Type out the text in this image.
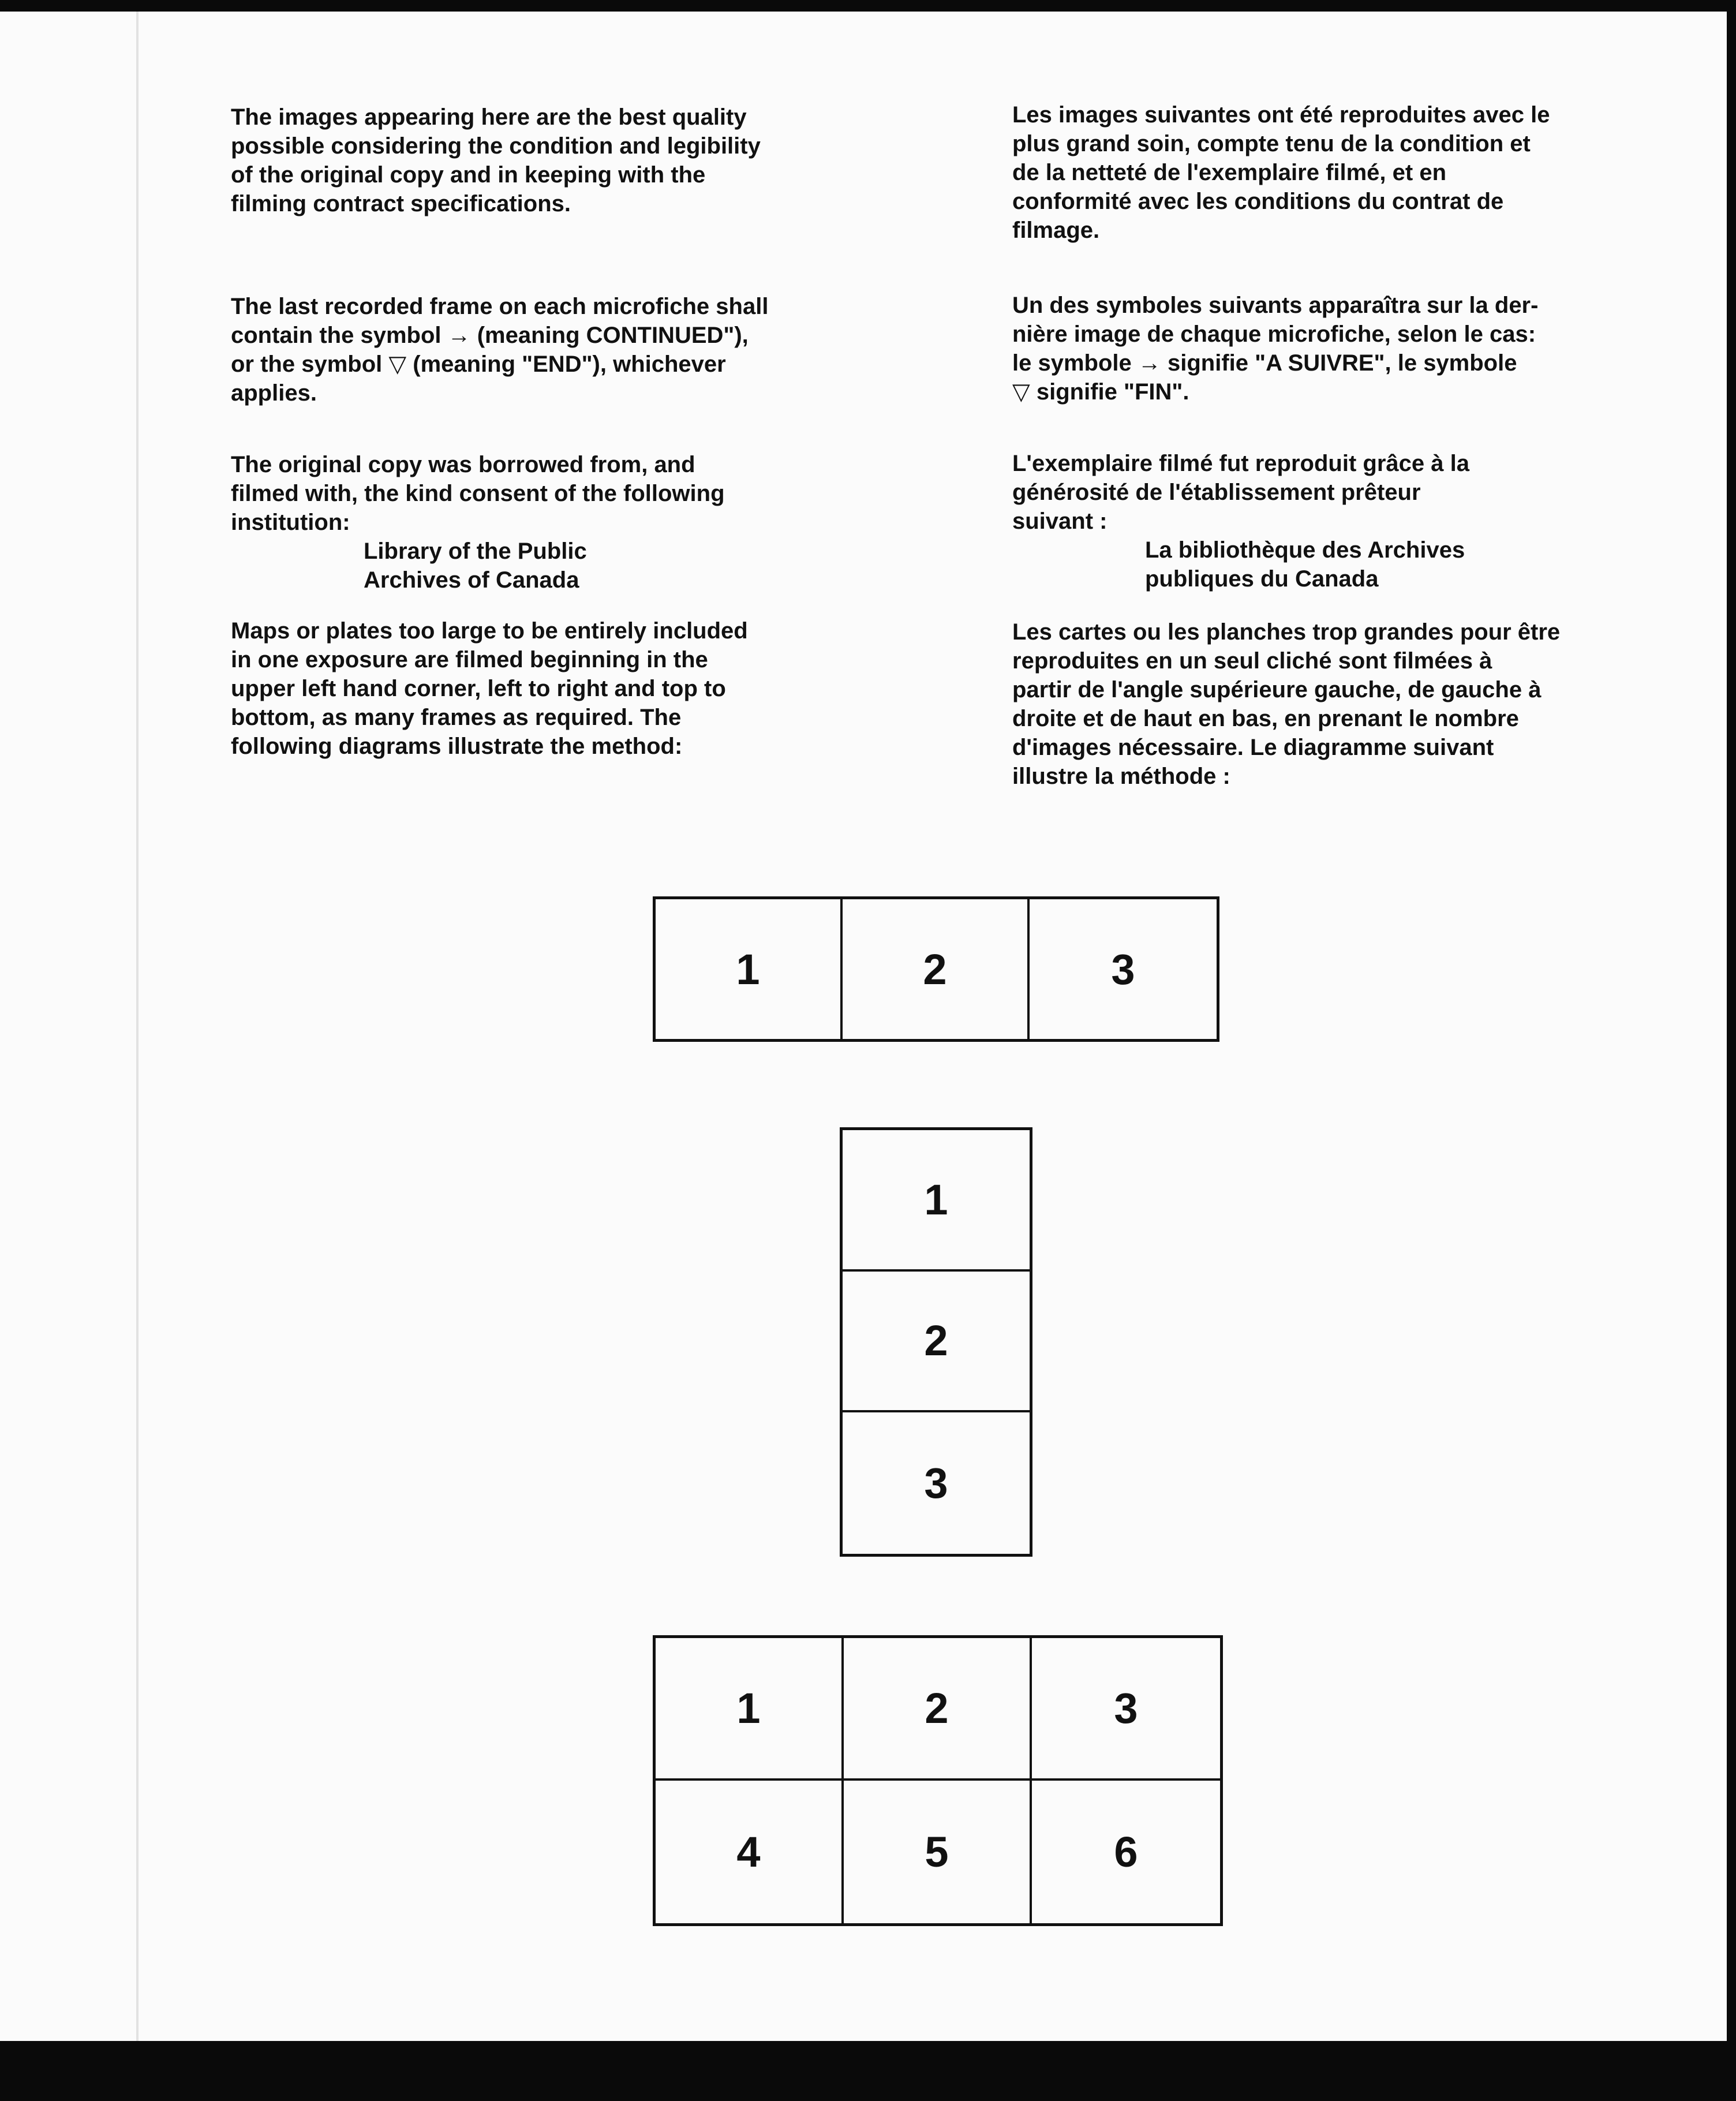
The images appearing here are the best quality

possible considering the condition and legibility

of the original copy and in keeping with the

filming contract specifications.

The last recorded frame on each microfiche shall

contain the symbol → (meaning CONTINUED"),

or the symbol ▽ (meaning "END"), whichever

applies.

The original copy was borrowed from, and

filmed with, the kind consent of the following

institution:

Library of the Public

Archives of Canada

Maps or plates too large to be entirely included

in one exposure are filmed beginning in the

upper left hand corner, left to right and top to

bottom, as many frames as required. The

following diagrams illustrate the method:

Les images suivantes ont été reproduites avec le

plus grand soin, compte tenu de la condition et

de la netteté de l'exemplaire filmé, et en

conformité avec les conditions du contrat de

filmage.

Un des symboles suivants apparaîtra sur la der-

nière image de chaque microfiche, selon le cas:

le symbole → signifie "A SUIVRE", le symbole

▽ signifie "FIN".

L'exemplaire filmé fut reproduit grâce à la

générosité de l'établissement prêteur

suivant :

La bibliothèque des Archives

publiques du Canada

Les cartes ou les planches trop grandes pour être

reproduites en un seul cliché sont filmées à

partir de l'angle supérieure gauche, de gauche à

droite et de haut en bas, en prenant le nombre

d'images nécessaire. Le diagramme suivant

illustre la méthode :

1	2	3
1
2
3
1	2	3
4	5	6
